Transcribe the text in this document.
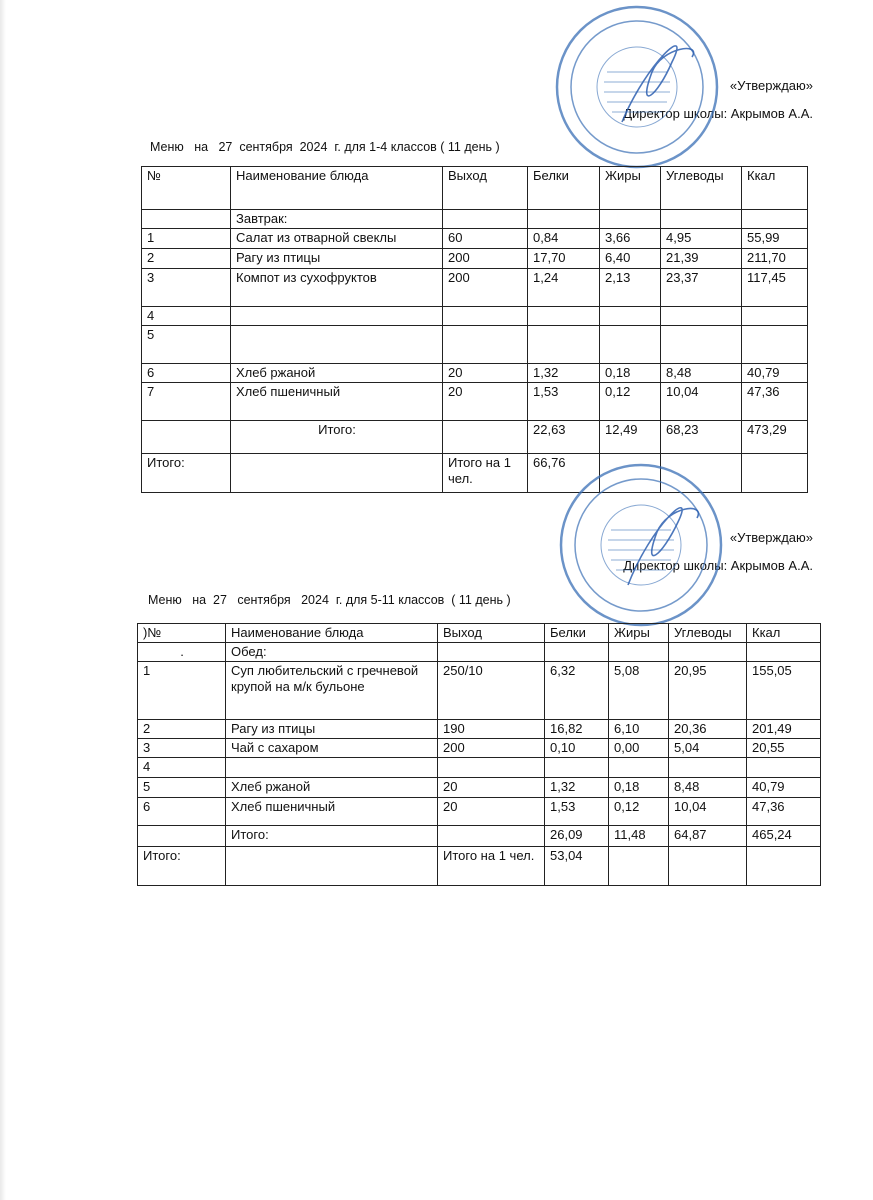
«Утверждаю»
Директор школы: Акрымов А.А.
Меню   на   27  сентября  2024  г. для 1-4 классов ( 11 день )
№	Наименование блюда	Выход	Белки	Жиры	Углеводы	Ккал
	Завтрак:					
1	Салат из отварной свеклы	60	0,84	3,66	4,95	55,99
2	Рагу из птицы	200	17,70	6,40	21,39	211,70
3	Компот из сухофруктов	200	1,24	2,13	23,37	117,45
4						
5						
6	Хлеб ржаной	20	1,32	0,18	8,48	40,79
7	Хлеб пшеничный	20	1,53	0,12	10,04	47,36
	Итого:		22,63	12,49	68,23	473,29
Итого:		Итого на 1 чел.	66,76			
«Утверждаю»
Директор школы: Акрымов А.А.
Меню   на  27   сентября   2024  г. для 5-11 классов  ( 11 день )
)№	Наименование блюда	Выход	Белки	Жиры	Углеводы	Ккал
.	Обед:					
1	Суп любительский с гречневой крупой на м/к бульоне	250/10	6,32	5,08	20,95	155,05
2	Рагу из птицы	190	16,82	6,10	20,36	201,49
3	Чай с сахаром	200	0,10	0,00	5,04	20,55
4						
5	Хлеб ржаной	20	1,32	0,18	8,48	40,79
6	Хлеб пшеничный	20	1,53	0,12	10,04	47,36
	Итого:		26,09	11,48	64,87	465,24
Итого:		Итого на 1 чел.	53,04			
